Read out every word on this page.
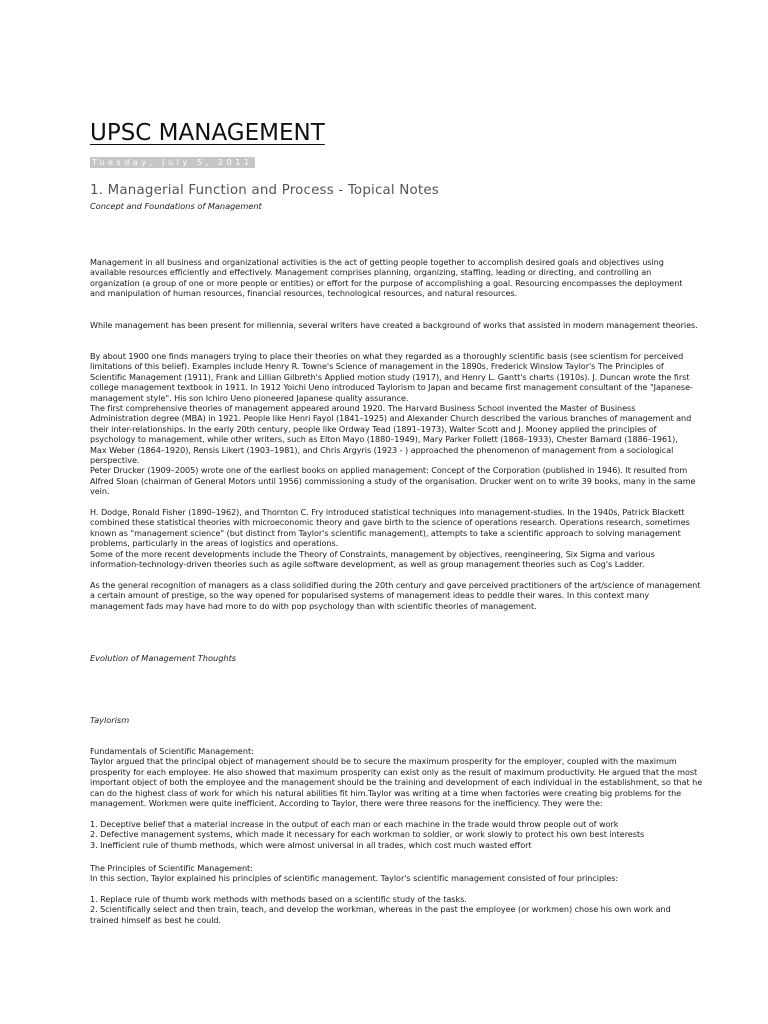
UPSC MANAGEMENT
Tuesday, July 5, 2011
1. Managerial Function and Process - Topical Notes
Concept and Foundations of Management
Management in all business and organizational activities is the act of getting people together to accomplish desired goals and objectives using
available resources efficiently and effectively. Management comprises planning, organizing, staffing, leading or directing, and controlling an
organization (a group of one or more people or entities) or effort for the purpose of accomplishing a goal. Resourcing encompasses the deployment
and manipulation of human resources, financial resources, technological resources, and natural resources.
While management has been present for millennia, several writers have created a background of works that assisted in modern management theories.
By about 1900 one finds managers trying to place their theories on what they regarded as a thoroughly scientific basis (see scientism for perceived
limitations of this belief). Examples include Henry R. Towne's Science of management in the 1890s, Frederick Winslow Taylor's The Principles of
Scientific Management (1911), Frank and Lillian Gilbreth's Applied motion study (1917), and Henry L. Gantt's charts (1910s). J. Duncan wrote the first
college management textbook in 1911. In 1912 Yoichi Ueno introduced Taylorism to Japan and became first management consultant of the "Japanese-
management style". His son Ichiro Ueno pioneered Japanese quality assurance.
The first comprehensive theories of management appeared around 1920. The Harvard Business School invented the Master of Business
Administration degree (MBA) in 1921. People like Henri Fayol (1841–1925) and Alexander Church described the various branches of management and
their inter-relationships. In the early 20th century, people like Ordway Tead (1891–1973), Walter Scott and J. Mooney applied the principles of
psychology to management, while other writers, such as Elton Mayo (1880–1949), Mary Parker Follett (1868–1933), Chester Barnard (1886–1961),
Max Weber (1864–1920), Rensis Likert (1903–1981), and Chris Argyris (1923 - ) approached the phenomenon of management from a sociological
perspective.
Peter Drucker (1909–2005) wrote one of the earliest books on applied management: Concept of the Corporation (published in 1946). It resulted from
Alfred Sloan (chairman of General Motors until 1956) commissioning a study of the organisation. Drucker went on to write 39 books, many in the same
vein.
H. Dodge, Ronald Fisher (1890–1962), and Thornton C. Fry introduced statistical techniques into management-studies. In the 1940s, Patrick Blackett
combined these statistical theories with microeconomic theory and gave birth to the science of operations research. Operations research, sometimes
known as "management science" (but distinct from Taylor's scientific management), attempts to take a scientific approach to solving management
problems, particularly in the areas of logistics and operations.
Some of the more recent developments include the Theory of Constraints, management by objectives, reengineering, Six Sigma and various
information-technology-driven theories such as agile software development, as well as group management theories such as Cog's Ladder.
As the general recognition of managers as a class solidified during the 20th century and gave perceived practitioners of the art/science of management
a certain amount of prestige, so the way opened for popularised systems of management ideas to peddle their wares. In this context many
management fads may have had more to do with pop psychology than with scientific theories of management.
Evolution of Management Thoughts
Taylorism
Fundamentals of Scientific Management:
Taylor argued that the principal object of management should be to secure the maximum prosperity for the employer, coupled with the maximum
prosperity for each employee. He also showed that maximum prosperity can exist only as the result of maximum productivity. He argued that the most
important object of both the employee and the management should be the training and development of each individual in the establishment, so that he
can do the highest class of work for which his natural abilities fit him.Taylor was writing at a time when factories were creating big problems for the
management. Workmen were quite inefficient. According to Taylor, there were three reasons for the inefficiency. They were the:
1. Deceptive belief that a material increase in the output of each man or each machine in the trade would throw people out of work
2. Defective management systems, which made it necessary for each workman to soldier, or work slowly to protect his own best interests
3. Inefficient rule of thumb methods, which were almost universal in all trades, which cost much wasted effort
The Principles of Scientific Management:
In this section, Taylor explained his principles of scientific management. Taylor's scientific management consisted of four principles:
1. Replace rule of thumb work methods with methods based on a scientific study of the tasks.
2. Scientifically select and then train, teach, and develop the workman, whereas in the past the employee (or workmen) chose his own work and
trained himself as best he could.
